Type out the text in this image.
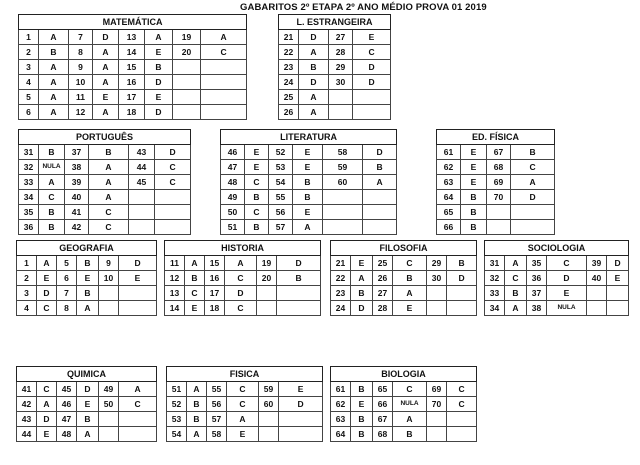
GABARITOS 2º ETAPA 2º ANO MÉDIO PROVA 01 2019
MATEMÁTICA							
1	A	7	D	13	A	19	A
2	B	8	A	14	E	20	C
3	A	9	A	15	B		
4	A	10	A	16	D		
5	A	11	E	17	E		
6	A	12	A	18	D		
L. ESTRANGEIRA			
21	D	27	E
22	A	28	C
23	B	29	D
24	D	30	D
25	A		
26	A		
PORTUGUÊS					
31	B	37	B	43	D
32	NULA	38	A	44	C
33	A	39	A	45	C
34	C	40	A		
35	B	41	C		
36	B	42	C		
LITERATURA					
46	E	52	E	58	D
47	E	53	E	59	B
48	C	54	B	60	A
49	B	55	B		
50	C	56	E		
51	B	57	A		
ED. FÍSICA			
61	E	67	B
62	E	68	C
63	E	69	A
64	B	70	D
65	B		
66	B		
GEOGRAFIA					
1	A	5	B	9	D
2	E	6	E	10	E
3	D	7	B		
4	C	8	A		
HISTORIA					
11	A	15	A	19	D
12	B	16	C	20	B
13	C	17	D		
14	E	18	C		
FILOSOFIA					
21	E	25	C	29	B
22	A	26	B	30	D
23	B	27	A		
24	D	28	E		
SOCIOLOGIA					
31	A	35	C	39	D
32	C	36	D	40	E
33	B	37	E		
34	A	38	NULA		
QUIMICA					
41	C	45	D	49	A
42	A	46	E	50	C
43	D	47	B		
44	E	48	A		
FISICA					
51	A	55	C	59	E
52	B	56	C	60	D
53	B	57	A		
54	A	58	E		
BIOLOGIA					
61	B	65	C	69	C
62	E	66	NULA	70	C
63	B	67	A		
64	B	68	B		
